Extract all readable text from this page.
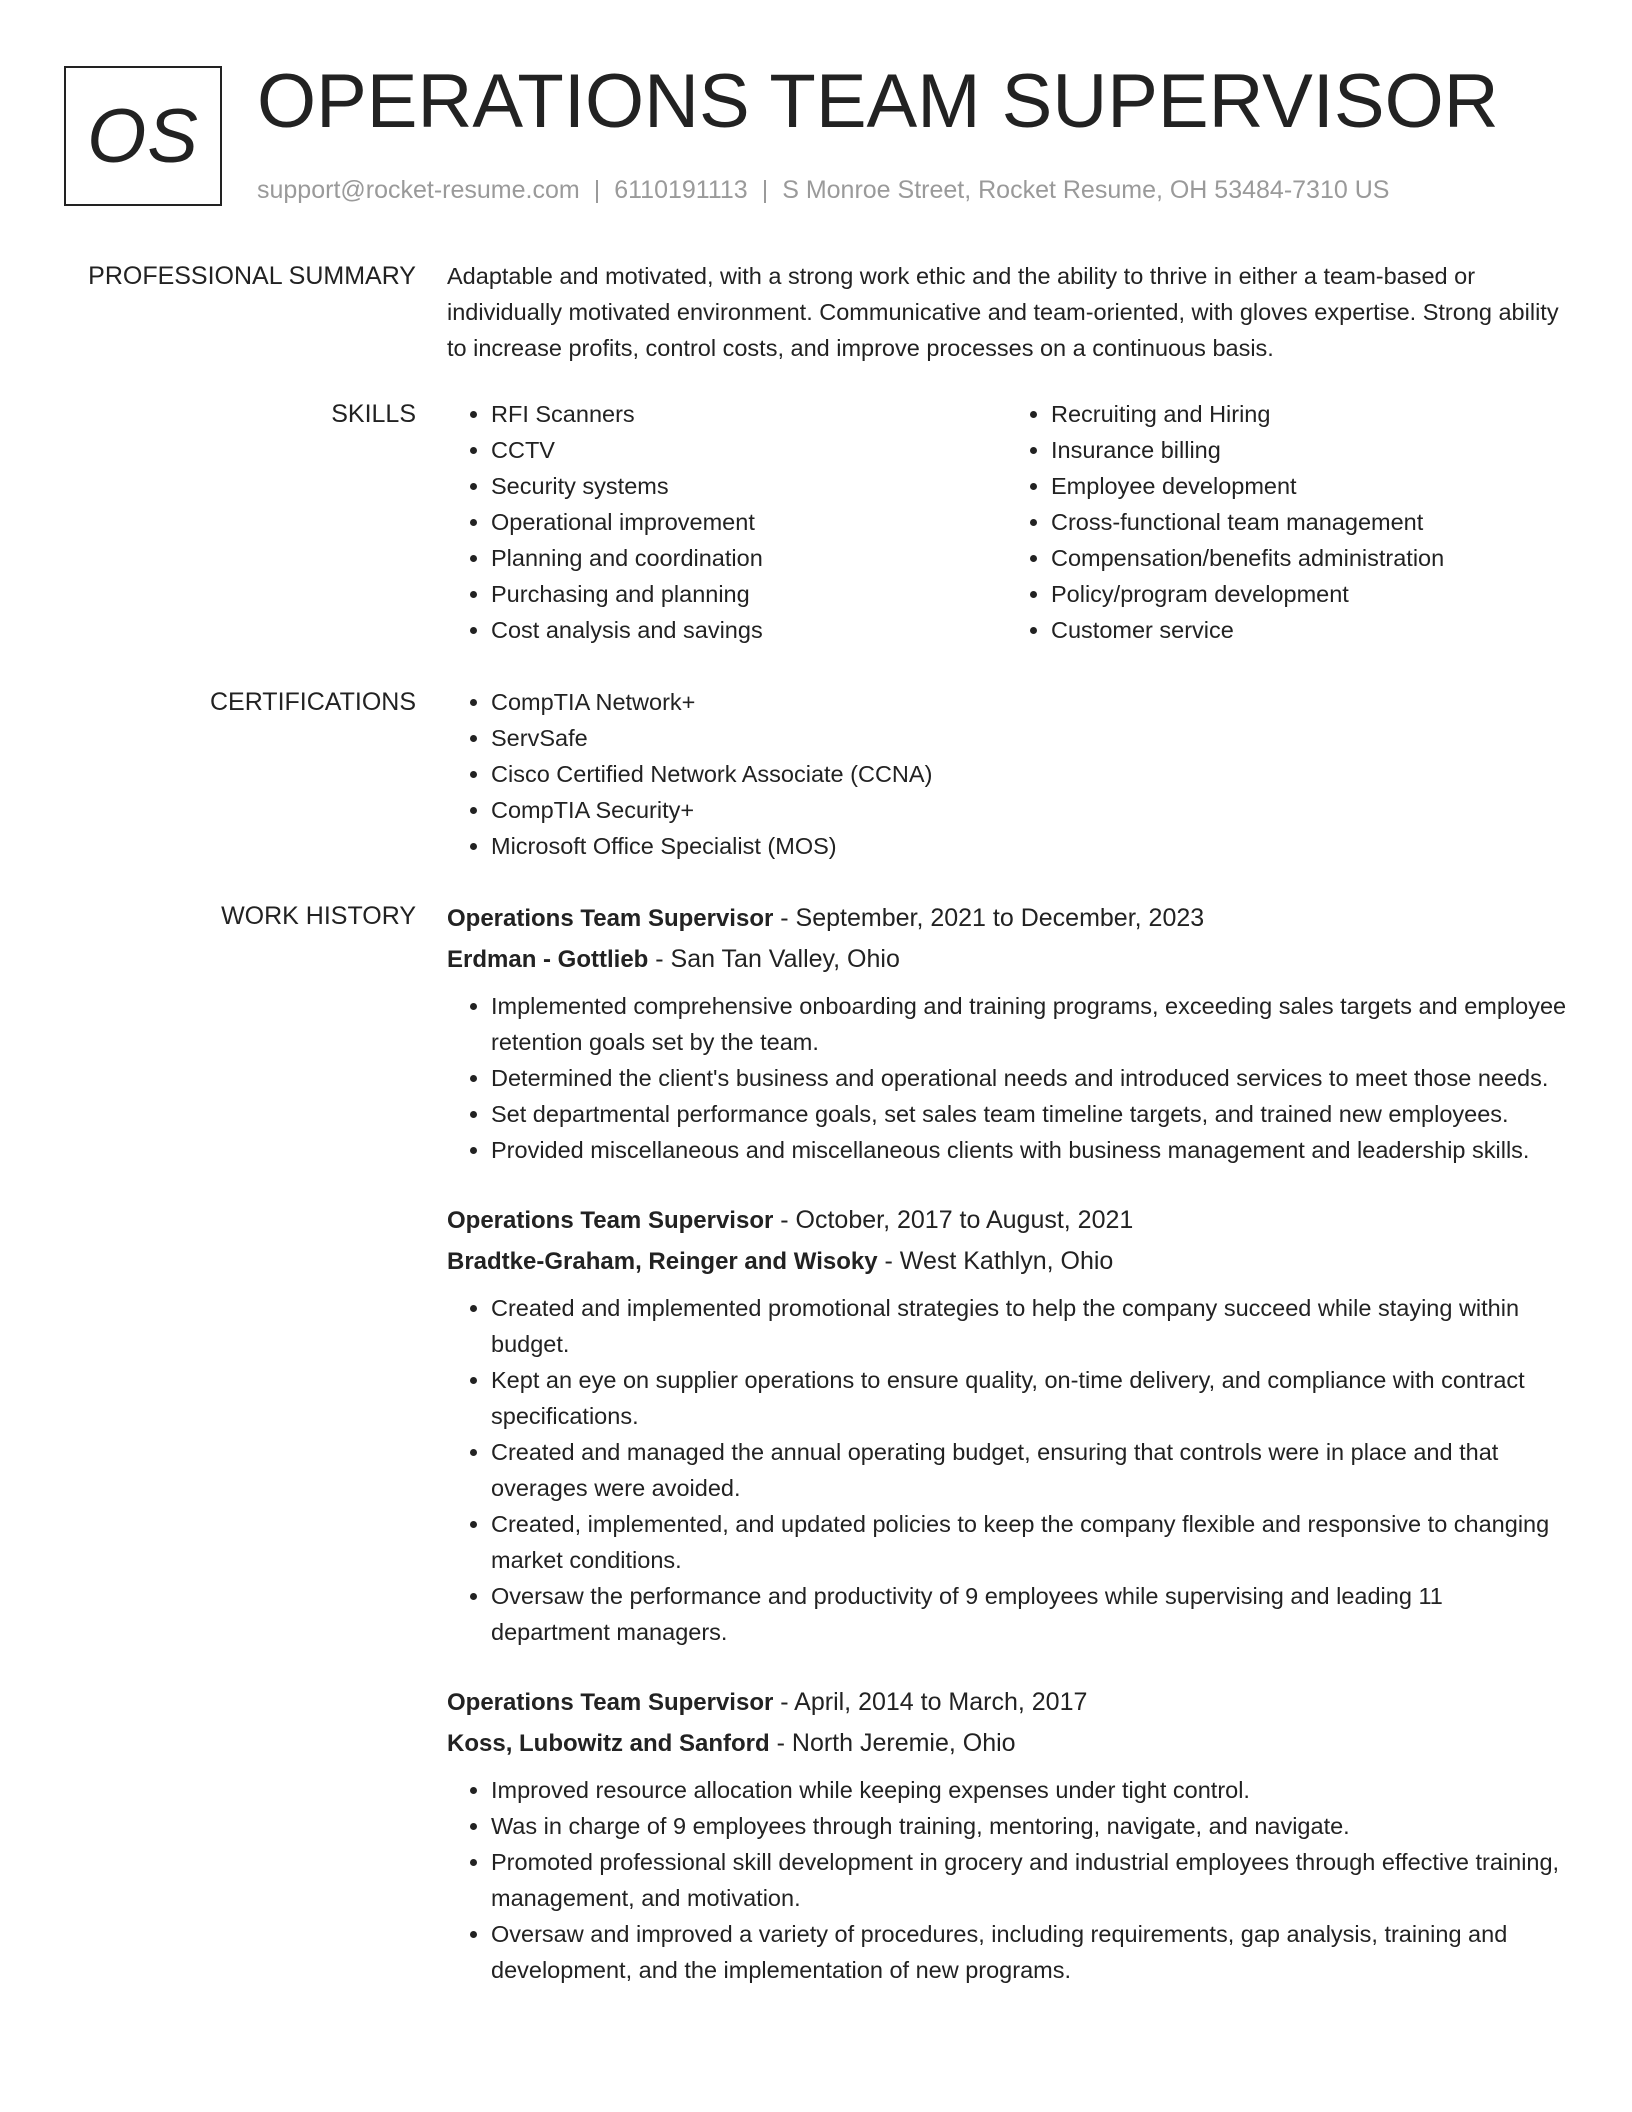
OS OPERATIONS TEAM SUPERVISOR
support@rocket-resume.com | 6110191113 | S Monroe Street, Rocket Resume, OH 53484-7310 US
PROFESSIONAL SUMMARY Adaptable and motivated, with a strong work ethic and the ability to thrive in either a team-based or individually motivated environment. Communicative and team-oriented, with gloves expertise. Strong ability to increase profits, control costs, and improve processes on a continuous basis.

SKILLS	• RFI Scanners
• CCTV
• Security systems
• Operational improvement
• Planning and coordination
• Purchasing and planning
• Cost analysis and savings
• Recruiting and Hiring
• Insurance billing
• Employee development
• Cross-functional team management
• Compensation/benefits administration
• Policy/program development
• Customer service
CERTIFICATIONS	• CompTIA Network+
• ServSafe
• Cisco Certified Network Associate (CCNA)
• CompTIA Security+
• Microsoft Office Specialist (MOS)
WORK HISTORY Operations Team Supervisor - September, 2021 to December, 2023
Erdman - Gottlieb - San Tan Valley, Ohio
• Implemented comprehensive onboarding and training programs, exceeding sales targets and employee retention goals set by the team.
• Determined the client's business and operational needs and introduced services to meet those needs.
• Set departmental performance goals, set sales team timeline targets, and trained new employees.
• Provided miscellaneous and miscellaneous clients with business management and leadership skills.
Operations Team Supervisor - October, 2017 to August, 2021
Bradtke-Graham, Reinger and Wisoky - West Kathlyn, Ohio
• Created and implemented promotional strategies to help the company succeed while staying within budget.
• Kept an eye on supplier operations to ensure quality, on-time delivery, and compliance with contract specifications.
• Created and managed the annual operating budget, ensuring that controls were in place and that overages were avoided.
• Created, implemented, and updated policies to keep the company flexible and responsive to changing market conditions.
• Oversaw the performance and productivity of 9 employees while supervising and leading 11 department managers.
Operations Team Supervisor - April, 2014 to March, 2017
Koss, Lubowitz and Sanford - North Jeremie, Ohio
• Improved resource allocation while keeping expenses under tight control.
• Was in charge of 9 employees through training, mentoring, navigate, and navigate.
• Promoted professional skill development in grocery and industrial employees through effective training, management, and motivation.
• Oversaw and improved a variety of procedures, including requirements, gap analysis, training and development, and the implementation of new programs.
